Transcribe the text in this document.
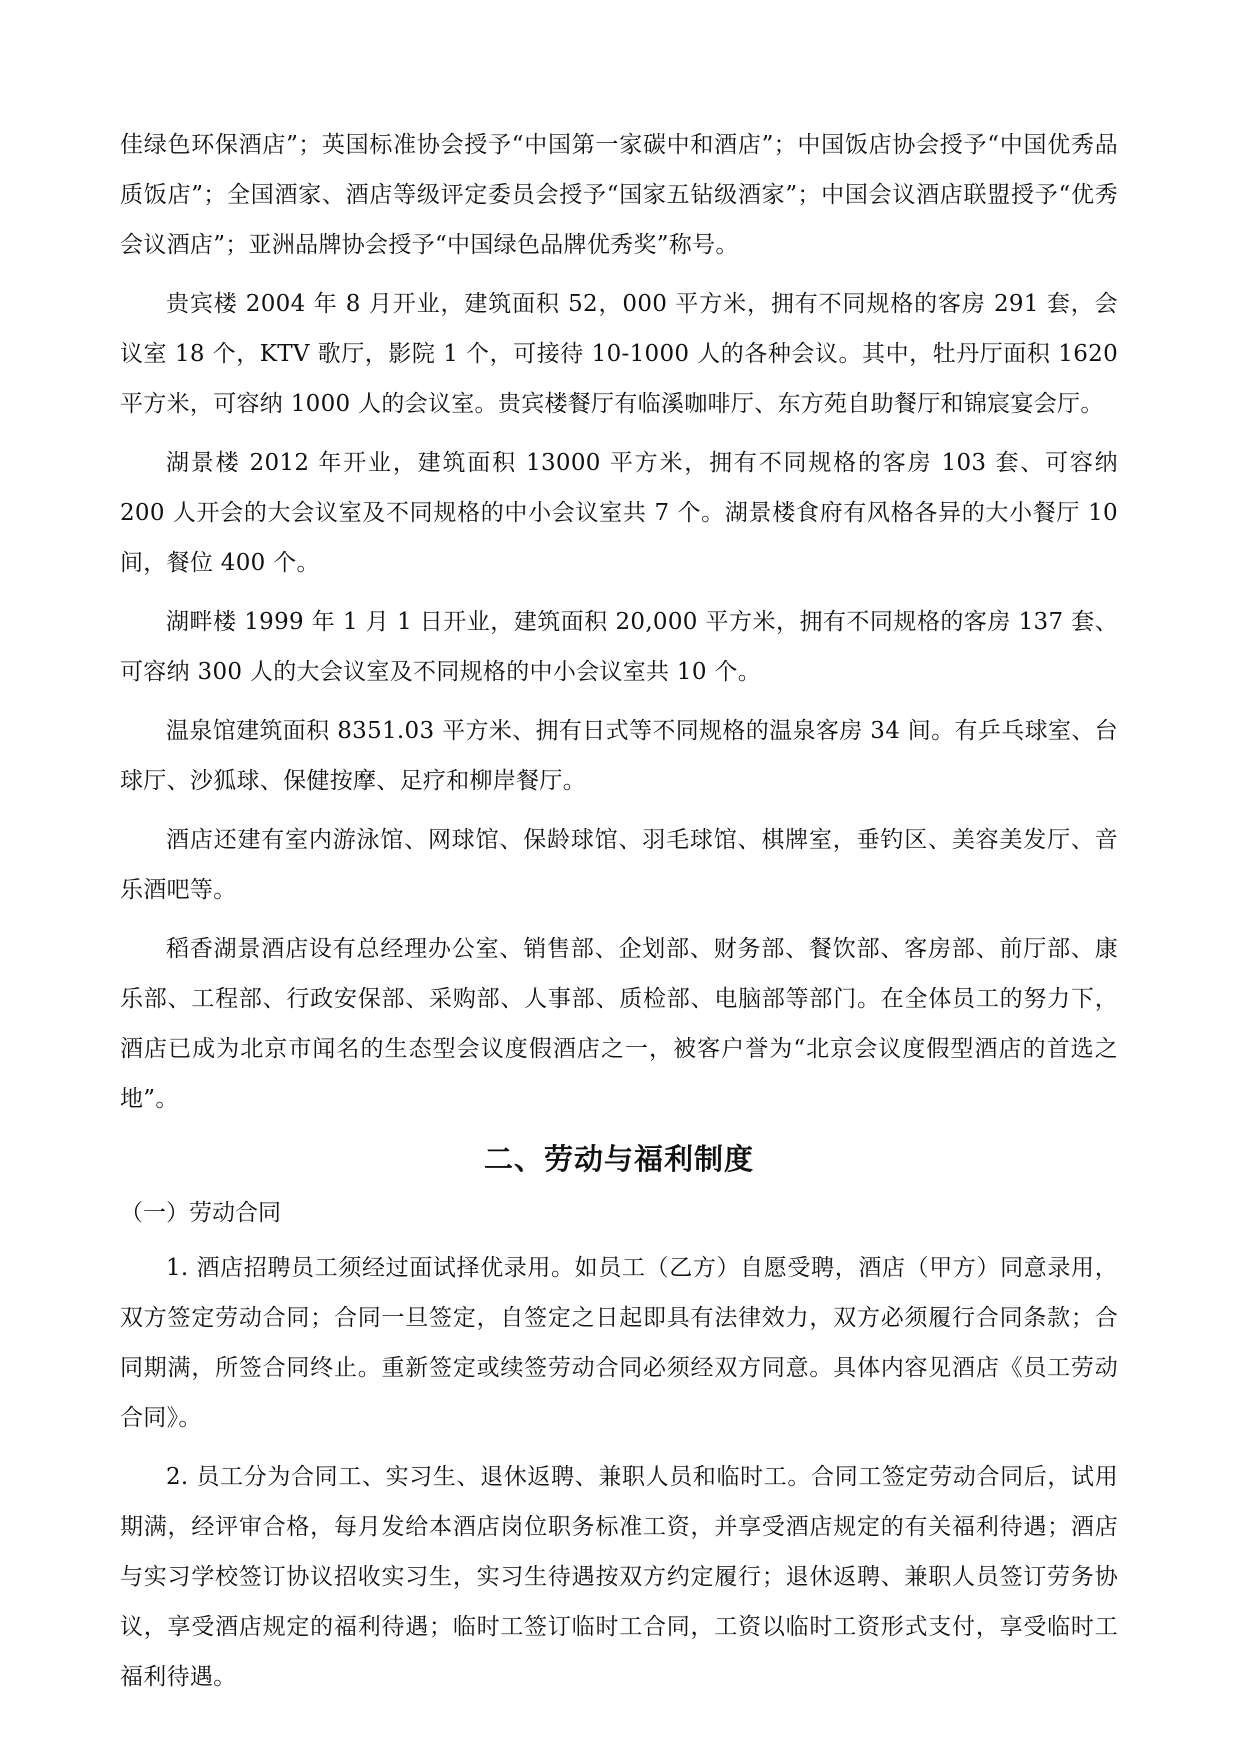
佳绿色环保酒店”；英国标准协会授予“中国第一家碳中和酒店”；中国饭店协会授予“中国优秀品质饭店”；全国酒家、酒店等级评定委员会授予“国家五钻级酒家”；中国会议酒店联盟授予“优秀会议酒店”；亚洲品牌协会授予“中国绿色品牌优秀奖”称号。

贵宾楼 2004 年 8 月开业，建筑面积 52，000 平方米，拥有不同规格的客房 291 套，会议室 18 个，KTV 歌厅，影院 1 个，可接待 10-1000 人的各种会议。其中，牡丹厅面积 1620 平方米，可容纳 1000 人的会议室。贵宾楼餐厅有临溪咖啡厅、东方苑自助餐厅和锦宸宴会厅。

湖景楼 2012 年开业，建筑面积 13000 平方米，拥有不同规格的客房 103 套、可容纳 200 人开会的大会议室及不同规格的中小会议室共 7 个。湖景楼食府有风格各异的大小餐厅 10 间，餐位 400 个。

湖畔楼 1999 年 1 月 1 日开业，建筑面积 20,000 平方米，拥有不同规格的客房 137 套、可容纳 300 人的大会议室及不同规格的中小会议室共 10 个。

温泉馆建筑面积 8351.03 平方米、拥有日式等不同规格的温泉客房 34 间。有乒乓球室、台球厅、沙狐球、保健按摩、足疗和柳岸餐厅。

酒店还建有室内游泳馆、网球馆、保龄球馆、羽毛球馆、棋牌室，垂钓区、美容美发厅、音乐酒吧等。

稻香湖景酒店设有总经理办公室、销售部、企划部、财务部、餐饮部、客房部、前厅部、康乐部、工程部、行政安保部、采购部、人事部、质检部、电脑部等部门。在全体员工的努力下，酒店已成为北京市闻名的生态型会议度假酒店之一，被客户誉为“北京会议度假型酒店的首选之地”。

二、劳动与福利制度

（一）劳动合同

1. 酒店招聘员工须经过面试择优录用。如员工（乙方）自愿受聘，酒店（甲方）同意录用，双方签定劳动合同；合同一旦签定，自签定之日起即具有法律效力，双方必须履行合同条款；合同期满，所签合同终止。重新签定或续签劳动合同必须经双方同意。具体内容见酒店《员工劳动合同》。

2. 员工分为合同工、实习生、退休返聘、兼职人员和临时工。合同工签定劳动合同后，试用期满，经评审合格，每月发给本酒店岗位职务标准工资，并享受酒店规定的有关福利待遇；酒店与实习学校签订协议招收实习生，实习生待遇按双方约定履行；退休返聘、兼职人员签订劳务协议，享受酒店规定的福利待遇；临时工签订临时工合同，工资以临时工资形式支付，享受临时工福利待遇。
